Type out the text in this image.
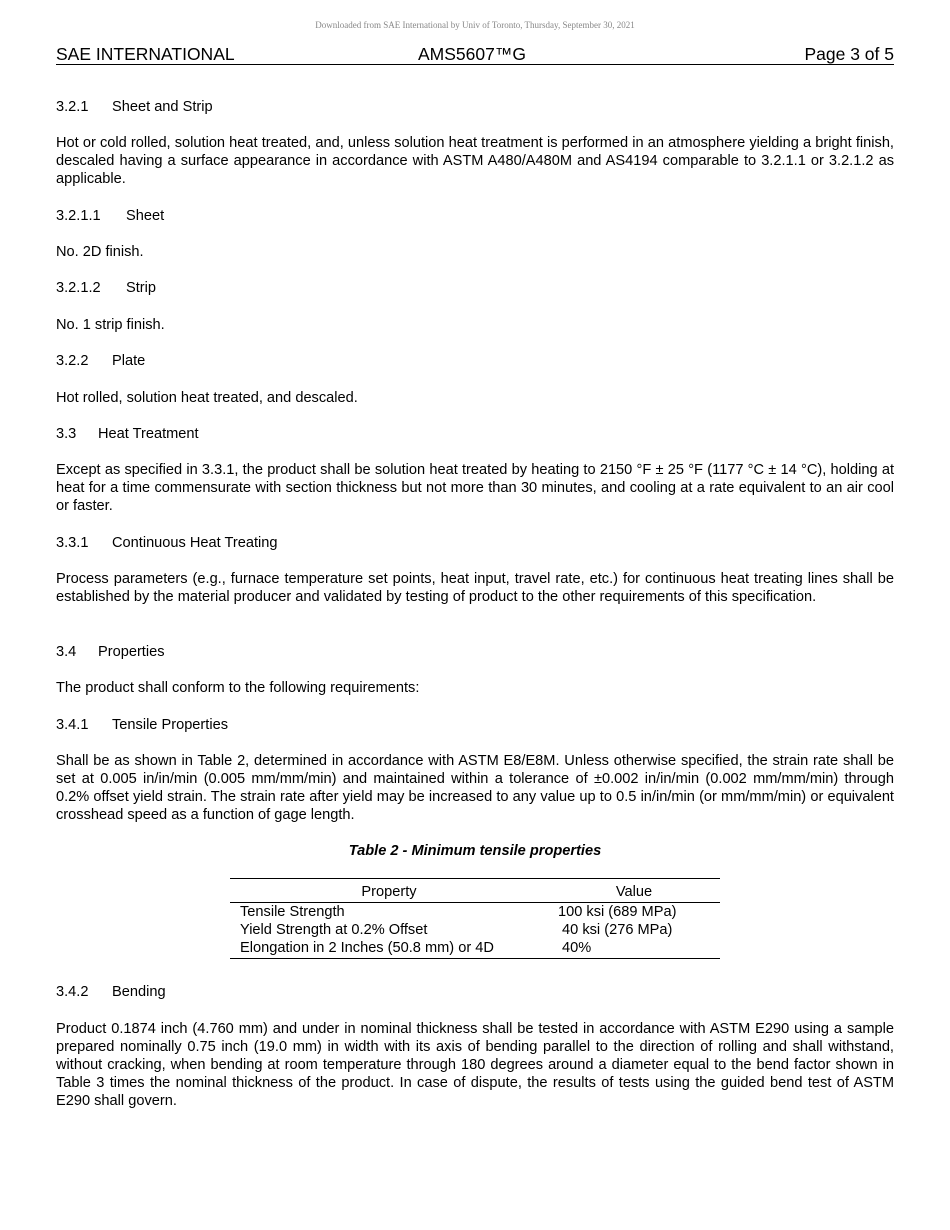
Downloaded from SAE International by Univ of Toronto, Thursday, September 30, 2021
SAE INTERNATIONAL	AMS5607™G	Page 3 of 5
3.2.1 Sheet and Strip
Hot or cold rolled, solution heat treated, and, unless solution heat treatment is performed in an atmosphere yielding a bright finish, descaled having a surface appearance in accordance with ASTM A480/A480M and AS4194 comparable to 3.2.1.1 or 3.2.1.2 as applicable.
3.2.1.1 Sheet
No. 2D finish.
3.2.1.2 Strip
No. 1 strip finish.
3.2.2 Plate
Hot rolled, solution heat treated, and descaled.
3.3 Heat Treatment
Except as specified in 3.3.1, the product shall be solution heat treated by heating to 2150 °F ± 25 °F (1177 °C ± 14 °C), holding at heat for a time commensurate with section thickness but not more than 30 minutes, and cooling at a rate equivalent to an air cool or faster.
3.3.1 Continuous Heat Treating
Process parameters (e.g., furnace temperature set points, heat input, travel rate, etc.) for continuous heat treating lines shall be established by the material producer and validated by testing of product to the other requirements of this specification.
3.4 Properties
The product shall conform to the following requirements:
3.4.1 Tensile Properties
Shall be as shown in Table 2, determined in accordance with ASTM E8/E8M. Unless otherwise specified, the strain rate shall be set at 0.005 in/in/min (0.005 mm/mm/min) and maintained within a tolerance of ±0.002 in/in/min (0.002 mm/mm/min) through 0.2% offset yield strain. The strain rate after yield may be increased to any value up to 0.5 in/in/min (or mm/mm/min) or equivalent crosshead speed as a function of gage length.
Table 2 - Minimum tensile properties
Property	Value
Tensile Strength	100 ksi (689 MPa)
Yield Strength at 0.2% Offset	40 ksi (276 MPa)
Elongation in 2 Inches (50.8 mm) or 4D	40%
3.4.2 Bending
Product 0.1874 inch (4.760 mm) and under in nominal thickness shall be tested in accordance with ASTM E290 using a sample prepared nominally 0.75 inch (19.0 mm) in width with its axis of bending parallel to the direction of rolling and shall withstand, without cracking, when bending at room temperature through 180 degrees around a diameter equal to the bend factor shown in Table 3 times the nominal thickness of the product. In case of dispute, the results of tests using the guided bend test of ASTM E290 shall govern.
